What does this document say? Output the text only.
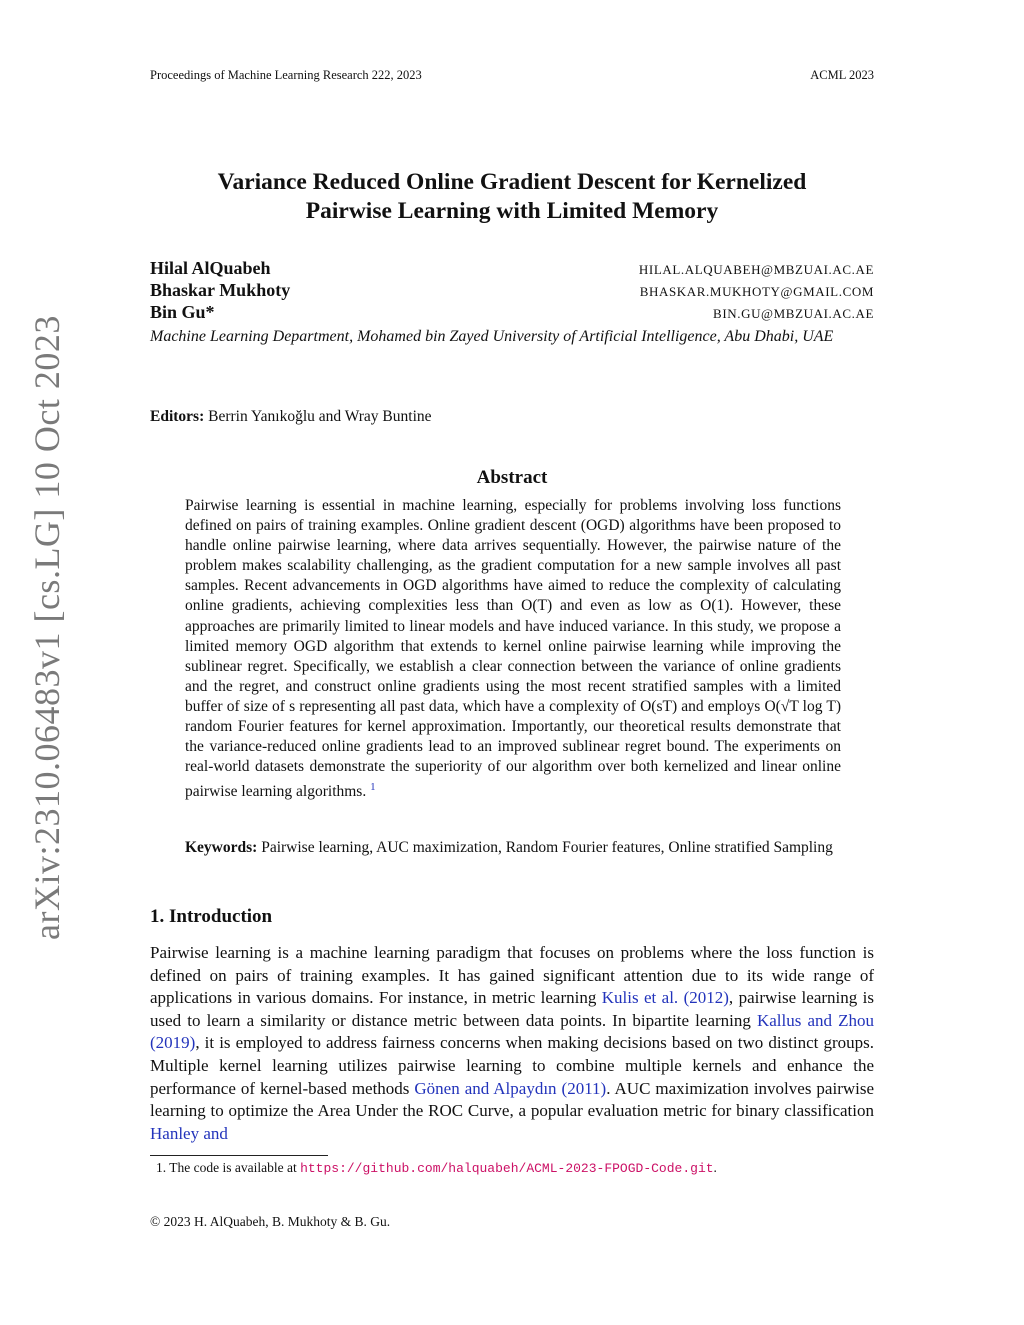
Proceedings of Machine Learning Research 222, 2023	ACML 2023
arXiv:2310.06483v1 [cs.LG] 10 Oct 2023
Variance Reduced Online Gradient Descent for Kernelized
Pairwise Learning with Limited Memory
Hilal AlQuabeh	HILAL.ALQUABEH@MBZUAI.AC.AE
Bhaskar Mukhoty	BHASKAR.MUKHOTY@GMAIL.COM
Bin Gu*	BIN.GU@MBZUAI.AC.AE
Machine Learning Department, Mohamed bin Zayed University of Artificial Intelligence, Abu Dhabi, UAE
Editors: Berrin Yanıkoğlu and Wray Buntine
Abstract
Pairwise learning is essential in machine learning, especially for problems involving loss functions defined on pairs of training examples. Online gradient descent (OGD) algorithms have been proposed to handle online pairwise learning, where data arrives sequentially. However, the pairwise nature of the problem makes scalability challenging, as the gradient computation for a new sample involves all past samples. Recent advancements in OGD algorithms have aimed to reduce the complexity of calculating online gradients, achieving complexities less than O(T) and even as low as O(1). However, these approaches are primarily limited to linear models and have induced variance. In this study, we propose a limited memory OGD algorithm that extends to kernel online pairwise learning while improving the sublinear regret. Specifically, we establish a clear connection between the variance of online gradients and the regret, and construct online gradients using the most recent stratified samples with a limited buffer of size of s representing all past data, which have a complexity of O(sT) and employs O(√T log T) random Fourier features for kernel approximation. Importantly, our theoretical results demonstrate that the variance-reduced online gradients lead to an improved sublinear regret bound. The experiments on real-world datasets demonstrate the superiority of our algorithm over both kernelized and linear online pairwise learning algorithms. $^1$
Keywords: Pairwise learning, AUC maximization, Random Fourier features, Online stratified Sampling
1. Introduction
Pairwise learning is a machine learning paradigm that focuses on problems where the loss function is defined on pairs of training examples. It has gained significant attention due to its wide range of applications in various domains. For instance, in metric learning Kulis et al. (2012), pairwise learning is used to learn a similarity or distance metric between data points. In bipartite learning Kallus and Zhou (2019), it is employed to address fairness concerns when making decisions based on two distinct groups. Multiple kernel learning utilizes pairwise learning to combine multiple kernels and enhance the performance of kernel-based methods Gönen and Alpaydın (2011). AUC maximization involves pairwise learning to optimize the Area Under the ROC Curve, a popular evaluation metric for binary classification Hanley and
1. The code is available at https://github.com/halquabeh/ACML-2023-FPOGD-Code.git.
© 2023 H. AlQuabeh, B. Mukhoty & B. Gu.
